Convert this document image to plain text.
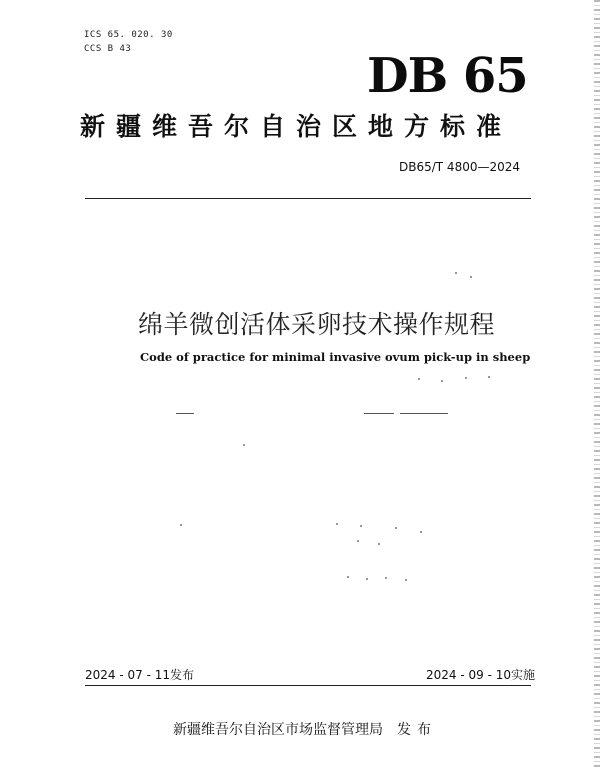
ICS 65. 020. 30
CCS B 43	DB 65
新疆维吾尔自治区地方标准
DB65/T 4800—2024
绵羊微创活体采卵技术操作规程
Code of practice for minimal invasive ovum pick-up in sheep
2024 - 07 - 11发布	2024 - 09 - 10实施
新疆维吾尔自治区市场监督管理局 发布
